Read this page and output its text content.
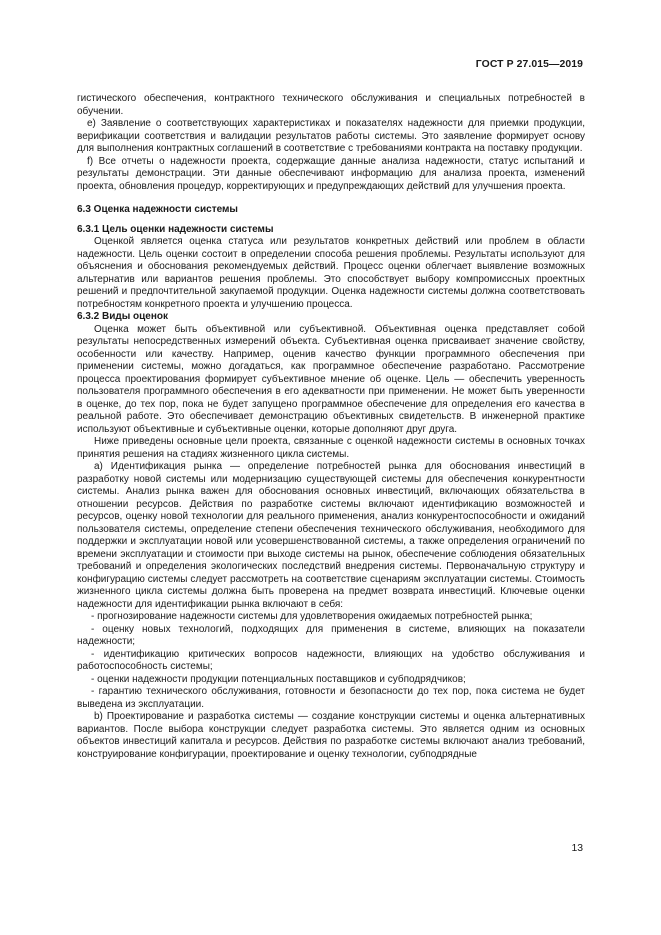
ГОСТ Р 27.015—2019

гистического обеспечения, контрактного технического обслуживания и специальных потребностей в обучении.

е) Заявление о соответствующих характеристиках и показателях надежности для приемки продукции, верификации соответствия и валидации результатов работы системы. Это заявление формирует основу для выполнения контрактных соглашений в соответствие с требованиями контракта на поставку продукции.

f) Все отчеты о надежности проекта, содержащие данные анализа надежности, статус испытаний и результаты демонстрации. Эти данные обеспечивают информацию для анализа проекта, изменений проекта, обновления процедур, корректирующих и предупреждающих действий для улучшения проекта.

6.3 Оценка надежности системы

6.3.1 Цель оценки надежности системы

Оценкой является оценка статуса или результатов конкретных действий или проблем в области надежности. Цель оценки состоит в определении способа решения проблемы. Результаты используют для объяснения и обоснования рекомендуемых действий. Процесс оценки облегчает выявление возможных альтернатив или вариантов решения проблемы. Это способствует выбору компромиссных проектных решений и предпочтительной закупаемой продукции. Оценка надежности системы должна соответствовать потребностям конкретного проекта и улучшению процесса.

6.3.2 Виды оценок

Оценка может быть объективной или субъективной. Объективная оценка представляет собой результаты непосредственных измерений объекта. Субъективная оценка присваивает значение свойству, особенности или качеству. Например, оценив качество функции программного обеспечения при применении системы, можно догадаться, как программное обеспечение разработано. Рассмотрение процесса проектирования формирует субъективное мнение об оценке. Цель — обеспечить уверенность пользователя программного обеспечения в его адекватности при применении. Не может быть уверенности в оценке, до тех пор, пока не будет запущено программное обеспечение для определения его качества в реальной работе. Это обеспечивает демонстрацию объективных свидетельств. В инженерной практике используют объективные и субъективные оценки, которые дополняют друг друга.

Ниже приведены основные цели проекта, связанные с оценкой надежности системы в основных точках принятия решения на стадиях жизненного цикла системы.

а) Идентификация рынка — определение потребностей рынка для обоснования инвестиций в разработку новой системы или модернизацию существующей системы для обеспечения конкурентности системы. Анализ рынка важен для обоснования основных инвестиций, включающих обязательства в отношении ресурсов. Действия по разработке системы включают идентификацию возможностей и ресурсов, оценку новой технологии для реального применения, анализ конкурентоспособности и ожиданий пользователя системы, определение степени обеспечения технического обслуживания, необходимого для поддержки и эксплуатации новой или усовершенствованной системы, а также определения ограничений по времени эксплуатации и стоимости при выходе системы на рынок, обеспечение соблюдения обязательных требований и определения экологических последствий внедрения системы. Первоначальную структуру и конфигурацию системы следует рассмотреть на соответствие сценариям эксплуатации системы. Стоимость жизненного цикла системы должна быть проверена на предмет возврата инвестиций. Ключевые оценки надежности для идентификации рынка включают в себя:

- прогнозирование надежности системы для удовлетворения ожидаемых потребностей рынка;

- оценку новых технологий, подходящих для применения в системе, влияющих на показатели надежности;

- идентификацию критических вопросов надежности, влияющих на удобство обслуживания и работоспособность системы;

- оценки надежности продукции потенциальных поставщиков и субподрядчиков;

- гарантию технического обслуживания, готовности и безопасности до тех пор, пока система не будет выведена из эксплуатации.

b) Проектирование и разработка системы — создание конструкции системы и оценка альтернативных вариантов. После выбора конструкции следует разработка системы. Это является одним из основных объектов инвестиций капитала и ресурсов. Действия по разработке системы включают анализ требований, конструирование конфигурации, проектирование и оценку технологии, субподрядные

13
